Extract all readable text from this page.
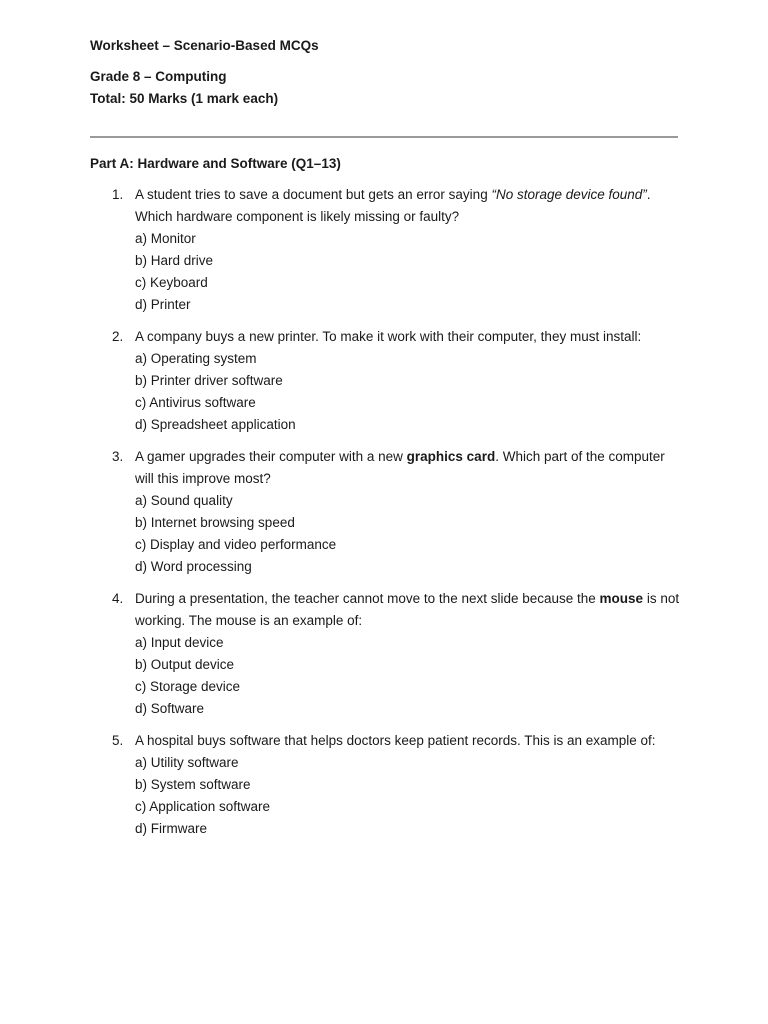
Worksheet – Scenario-Based MCQs
Grade 8 – Computing
Total: 50 Marks (1 mark each)
Part A: Hardware and Software (Q1–13)
1. A student tries to save a document but gets an error saying “No storage device found”. Which hardware component is likely missing or faulty?
a) Monitor
b) Hard drive
c) Keyboard
d) Printer
2. A company buys a new printer. To make it work with their computer, they must install:
a) Operating system
b) Printer driver software
c) Antivirus software
d) Spreadsheet application
3. A gamer upgrades their computer with a new graphics card. Which part of the computer will this improve most?
a) Sound quality
b) Internet browsing speed
c) Display and video performance
d) Word processing
4. During a presentation, the teacher cannot move to the next slide because the mouse is not working. The mouse is an example of:
a) Input device
b) Output device
c) Storage device
d) Software
5. A hospital buys software that helps doctors keep patient records. This is an example of:
a) Utility software
b) System software
c) Application software
d) Firmware
